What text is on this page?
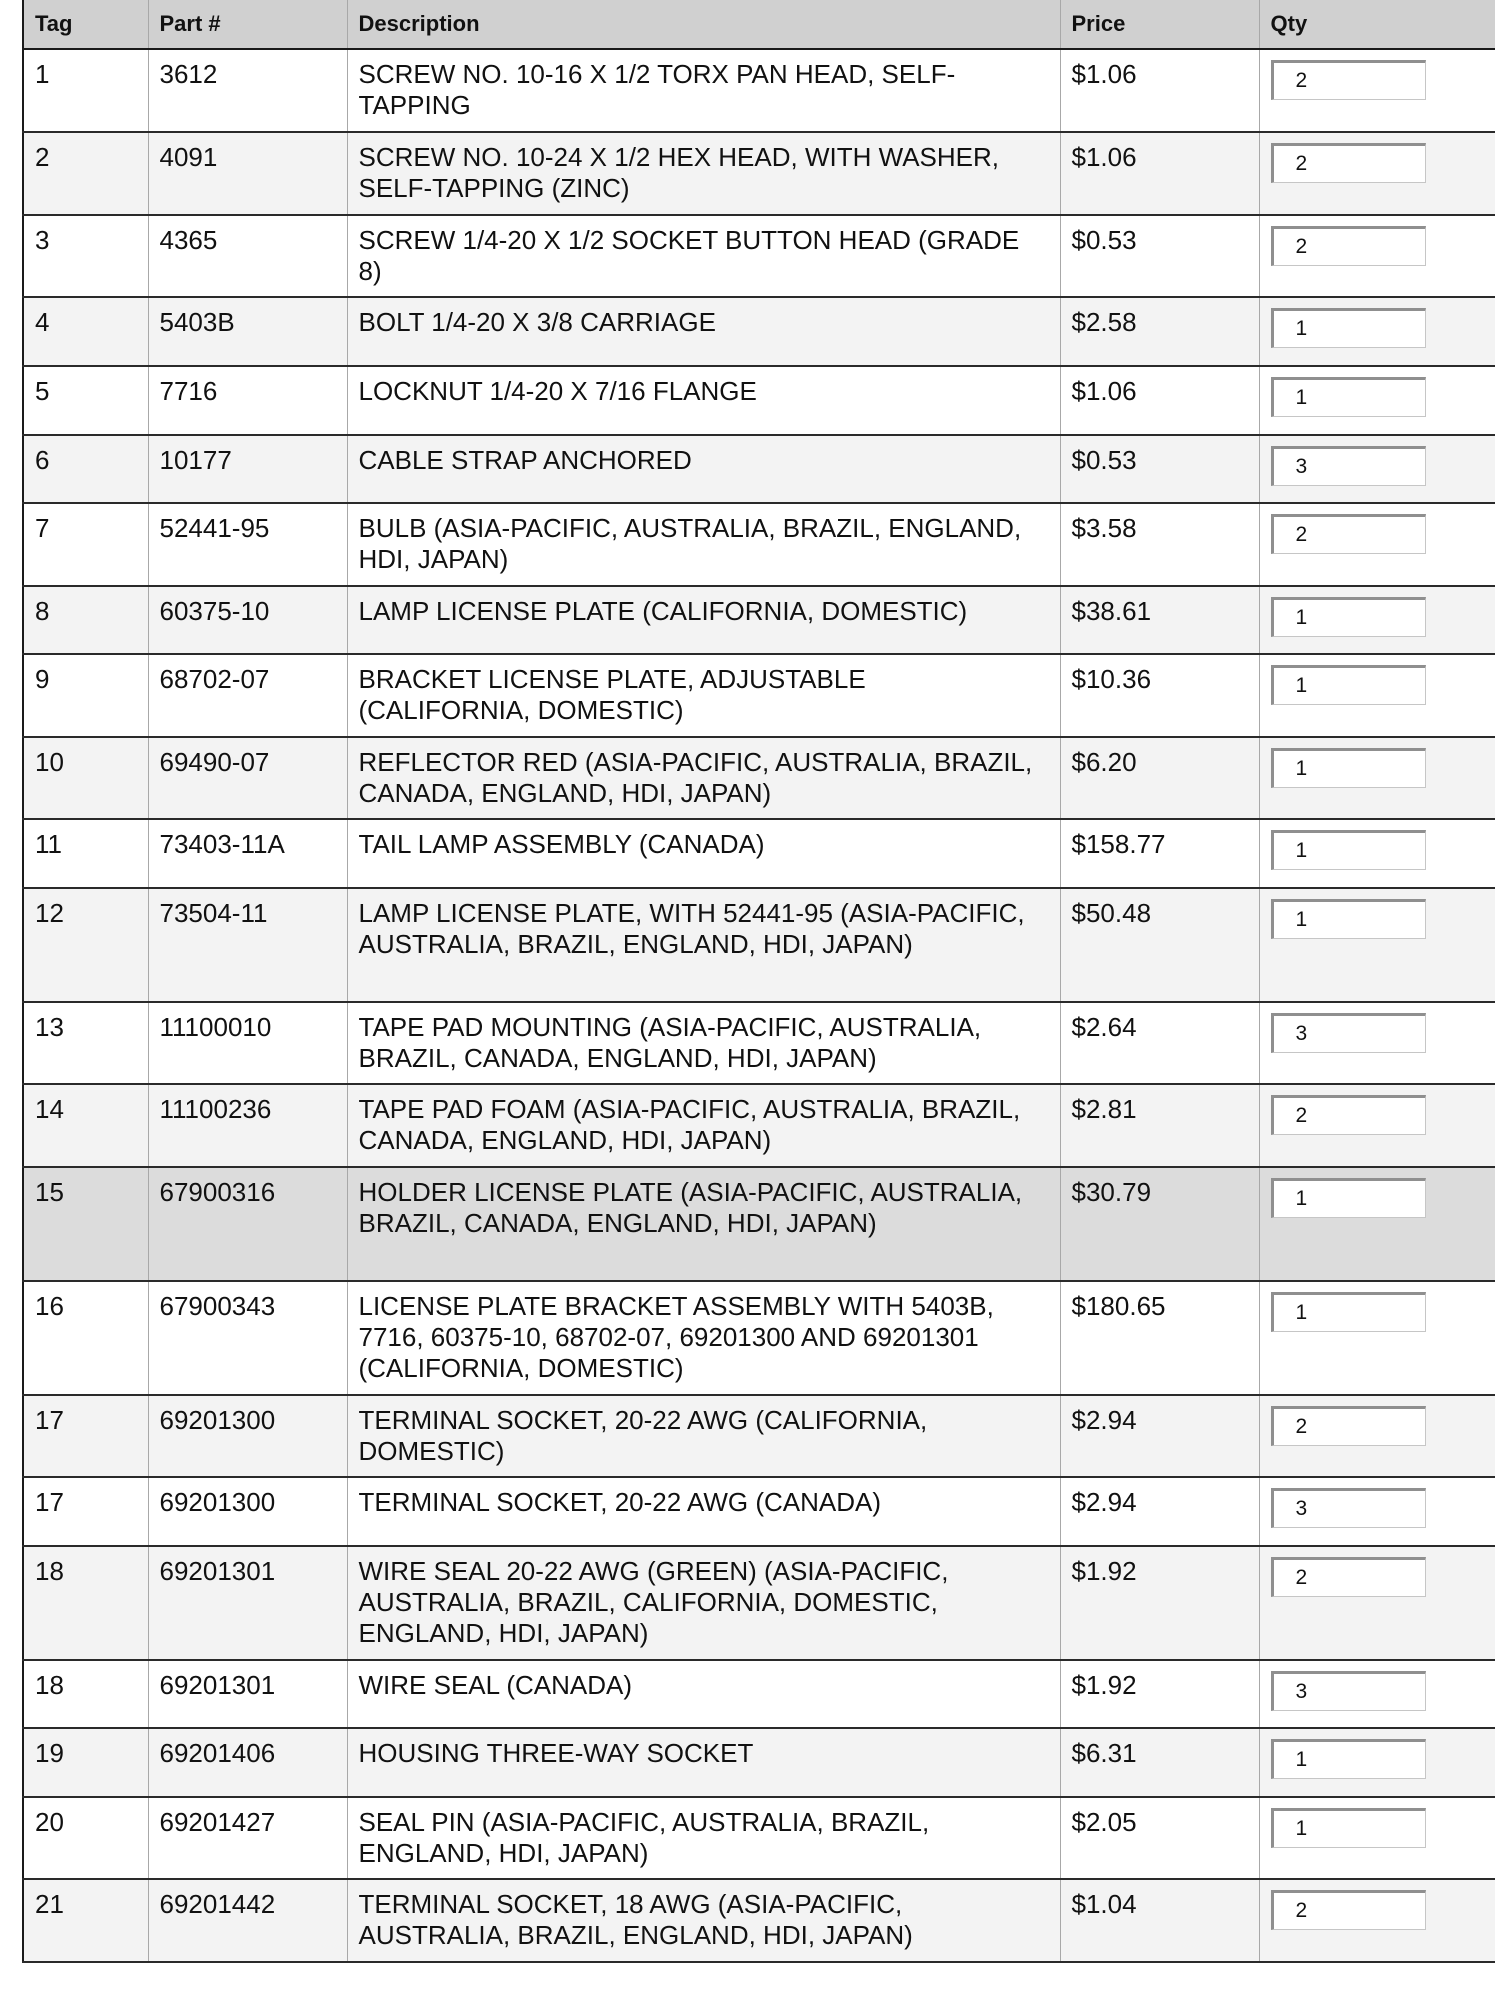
Tag	Part #	Description	Price	Qty
1	3612	SCREW NO. 10-16 X 1/2 TORX PAN HEAD, SELF-TAPPING	$1.06	2
2	4091	SCREW NO. 10-24 X 1/2 HEX HEAD, WITH WASHER, SELF-TAPPING (ZINC)	$1.06	2
3	4365	SCREW 1/4-20 X 1/2 SOCKET BUTTON HEAD (GRADE 8)	$0.53	2
4	5403B	BOLT 1/4-20 X 3/8 CARRIAGE	$2.58	1
5	7716	LOCKNUT 1/4-20 X 7/16 FLANGE	$1.06	1
6	10177	CABLE STRAP ANCHORED	$0.53	3
7	52441-95	BULB (ASIA-PACIFIC, AUSTRALIA, BRAZIL, ENGLAND, HDI, JAPAN)	$3.58	2
8	60375-10	LAMP LICENSE PLATE (CALIFORNIA, DOMESTIC)	$38.61	1
9	68702-07	BRACKET LICENSE PLATE, ADJUSTABLE (CALIFORNIA, DOMESTIC)	$10.36	1
10	69490-07	REFLECTOR RED (ASIA-PACIFIC, AUSTRALIA, BRAZIL, CANADA, ENGLAND, HDI, JAPAN)	$6.20	1
11	73403-11A	TAIL LAMP ASSEMBLY (CANADA)	$158.77	1
12	73504-11	LAMP LICENSE PLATE, WITH 52441-95 (ASIA-PACIFIC, AUSTRALIA, BRAZIL, ENGLAND, HDI, JAPAN)	$50.48	1
13	11100010	TAPE PAD MOUNTING (ASIA-PACIFIC, AUSTRALIA, BRAZIL, CANADA, ENGLAND, HDI, JAPAN)	$2.64	3
14	11100236	TAPE PAD FOAM (ASIA-PACIFIC, AUSTRALIA, BRAZIL, CANADA, ENGLAND, HDI, JAPAN)	$2.81	2
15	67900316	HOLDER LICENSE PLATE (ASIA-PACIFIC, AUSTRALIA, BRAZIL, CANADA, ENGLAND, HDI, JAPAN)	$30.79	1
16	67900343	LICENSE PLATE BRACKET ASSEMBLY WITH 5403B, 7716, 60375-10, 68702-07, 69201300 AND 69201301 (CALIFORNIA, DOMESTIC)	$180.65	1
17	69201300	TERMINAL SOCKET, 20-22 AWG (CALIFORNIA, DOMESTIC)	$2.94	2
17	69201300	TERMINAL SOCKET, 20-22 AWG (CANADA)	$2.94	3
18	69201301	WIRE SEAL 20-22 AWG (GREEN) (ASIA-PACIFIC, AUSTRALIA, BRAZIL, CALIFORNIA, DOMESTIC, ENGLAND, HDI, JAPAN)	$1.92	2
18	69201301	WIRE SEAL (CANADA)	$1.92	3
19	69201406	HOUSING THREE-WAY SOCKET	$6.31	1
20	69201427	SEAL PIN (ASIA-PACIFIC, AUSTRALIA, BRAZIL, ENGLAND, HDI, JAPAN)	$2.05	1
21	69201442	TERMINAL SOCKET, 18 AWG (ASIA-PACIFIC, AUSTRALIA, BRAZIL, ENGLAND, HDI, JAPAN)	$1.04	2
